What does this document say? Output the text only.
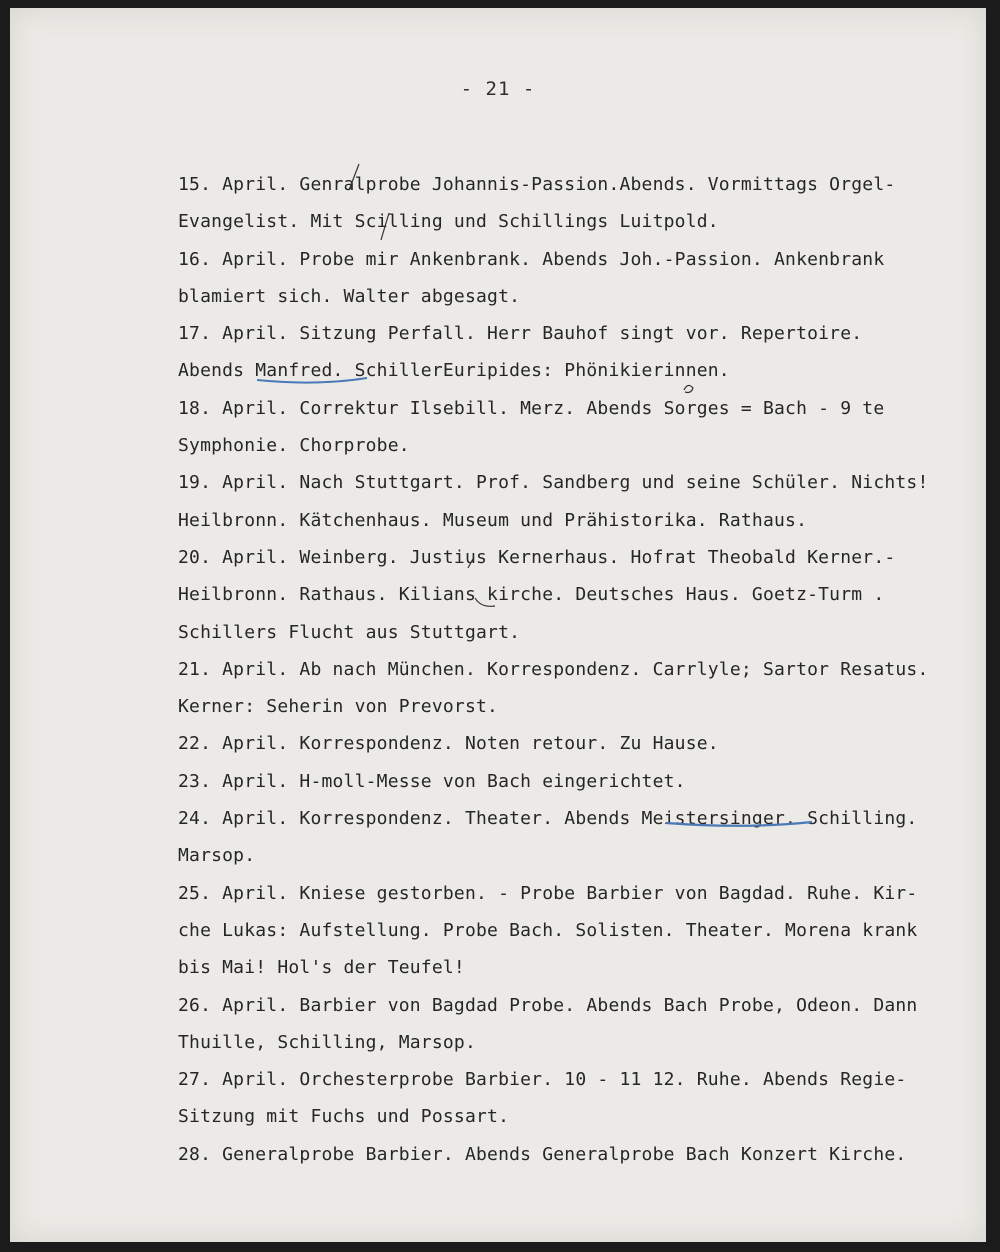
- 21 -
15. April. Genralprobe Johannis-Passion.Abends. Vormittags Orgel-
Evangelist. Mit Scilling und Schillings Luitpold.
16. April. Probe mir Ankenbrank. Abends Joh.-Passion. Ankenbrank
blamiert sich. Walter abgesagt.
17. April. Sitzung Perfall. Herr Bauhof singt vor. Repertoire.
Abends Manfred. SchillerEuripides: Phönikierinnen.
18. April. Correktur Ilsebill. Merz. Abends Sorges = Bach - 9 te
Symphonie. Chorprobe.
19. April. Nach Stuttgart. Prof. Sandberg und seine Schüler. Nichts!
Heilbronn. Kätchenhaus. Museum und Prähistorika. Rathaus.
20. April. Weinberg. Justius Kernerhaus. Hofrat Theobald Kerner.-
Heilbronn. Rathaus. Kilians kirche. Deutsches Haus. Goetz-Turm .
Schillers Flucht aus Stuttgart.
21. April. Ab nach München. Korrespondenz. Carrlyle; Sartor Resatus.
Kerner: Seherin von Prevorst.
22. April. Korrespondenz. Noten retour. Zu Hause.
23. April. H-moll-Messe von Bach eingerichtet.
24. April. Korrespondenz. Theater. Abends Meistersinger. Schilling.
Marsop.
25. April. Kniese gestorben. - Probe Barbier von Bagdad. Ruhe. Kir-
che Lukas: Aufstellung. Probe Bach. Solisten. Theater. Morena krank
bis Mai! Hol's der Teufel!
26. April. Barbier von Bagdad Probe. Abends Bach Probe, Odeon. Dann
Thuille, Schilling, Marsop.
27. April. Orchesterprobe Barbier. 10 - 11 12. Ruhe. Abends Regie-
Sitzung mit Fuchs und Possart.
28. Generalprobe Barbier. Abends Generalprobe Bach Konzert Kirche.
